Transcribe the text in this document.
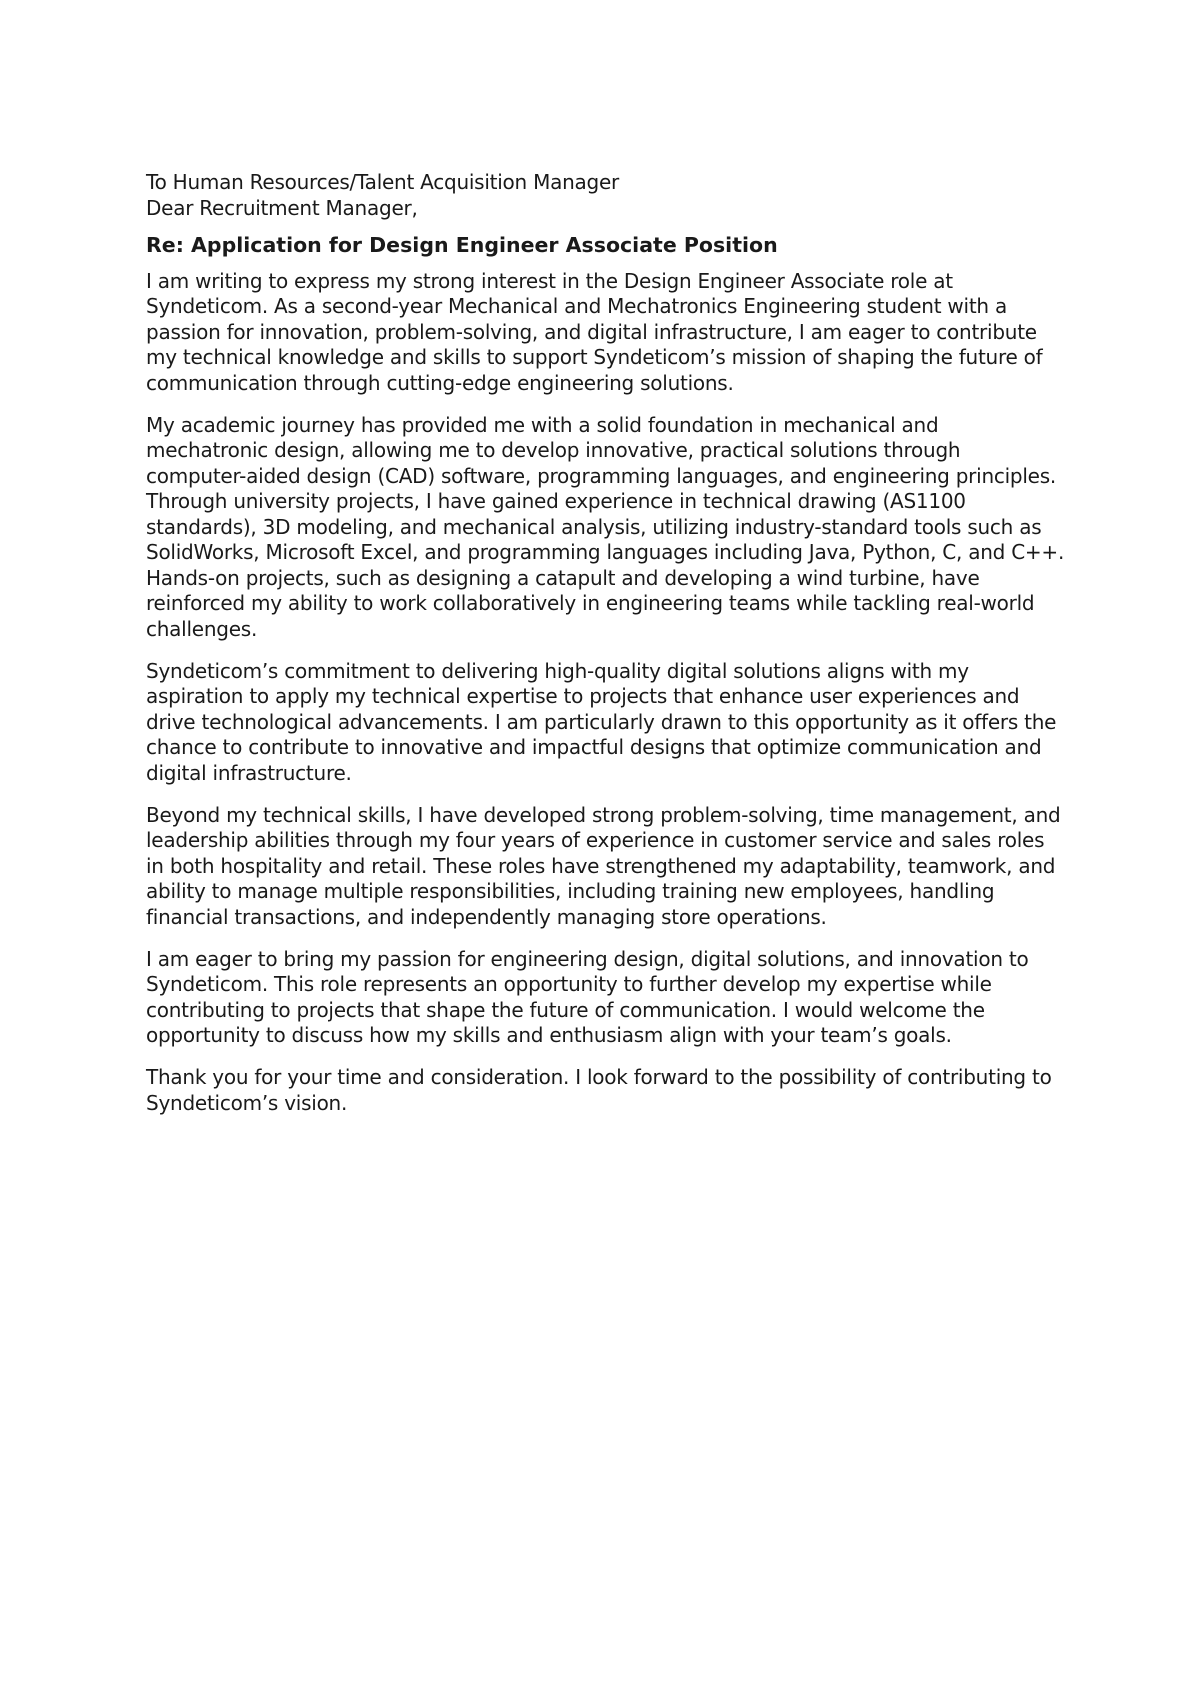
To Human Resources/Talent Acquisition Manager

Dear Recruitment Manager,

Re: Application for Design Engineer Associate Position

I am writing to express my strong interest in the Design Engineer Associate role at Syndeticom. As a second-year Mechanical and Mechatronics Engineering student with a passion for innovation, problem-solving, and digital infrastructure, I am eager to contribute my technical knowledge and skills to support Syndeticom’s mission of shaping the future of communication through cutting-edge engineering solutions.

My academic journey has provided me with a solid foundation in mechanical and mechatronic design, allowing me to develop innovative, practical solutions through computer-aided design (CAD) software, programming languages, and engineering principles. Through university projects, I have gained experience in technical drawing (AS1100 standards), 3D modeling, and mechanical analysis, utilizing industry-standard tools such as SolidWorks, Microsoft Excel, and programming languages including Java, Python, C, and C++. Hands-on projects, such as designing a catapult and developing a wind turbine, have reinforced my ability to work collaboratively in engineering teams while tackling real-world challenges.

Syndeticom’s commitment to delivering high-quality digital solutions aligns with my aspiration to apply my technical expertise to projects that enhance user experiences and drive technological advancements. I am particularly drawn to this opportunity as it offers the chance to contribute to innovative and impactful designs that optimize communication and digital infrastructure.

Beyond my technical skills, I have developed strong problem-solving, time management, and leadership abilities through my four years of experience in customer service and sales roles in both hospitality and retail. These roles have strengthened my adaptability, teamwork, and ability to manage multiple responsibilities, including training new employees, handling financial transactions, and independently managing store operations.

I am eager to bring my passion for engineering design, digital solutions, and innovation to Syndeticom. This role represents an opportunity to further develop my expertise while contributing to projects that shape the future of communication. I would welcome the opportunity to discuss how my skills and enthusiasm align with your team’s goals.

Thank you for your time and consideration. I look forward to the possibility of contributing to Syndeticom’s vision.
